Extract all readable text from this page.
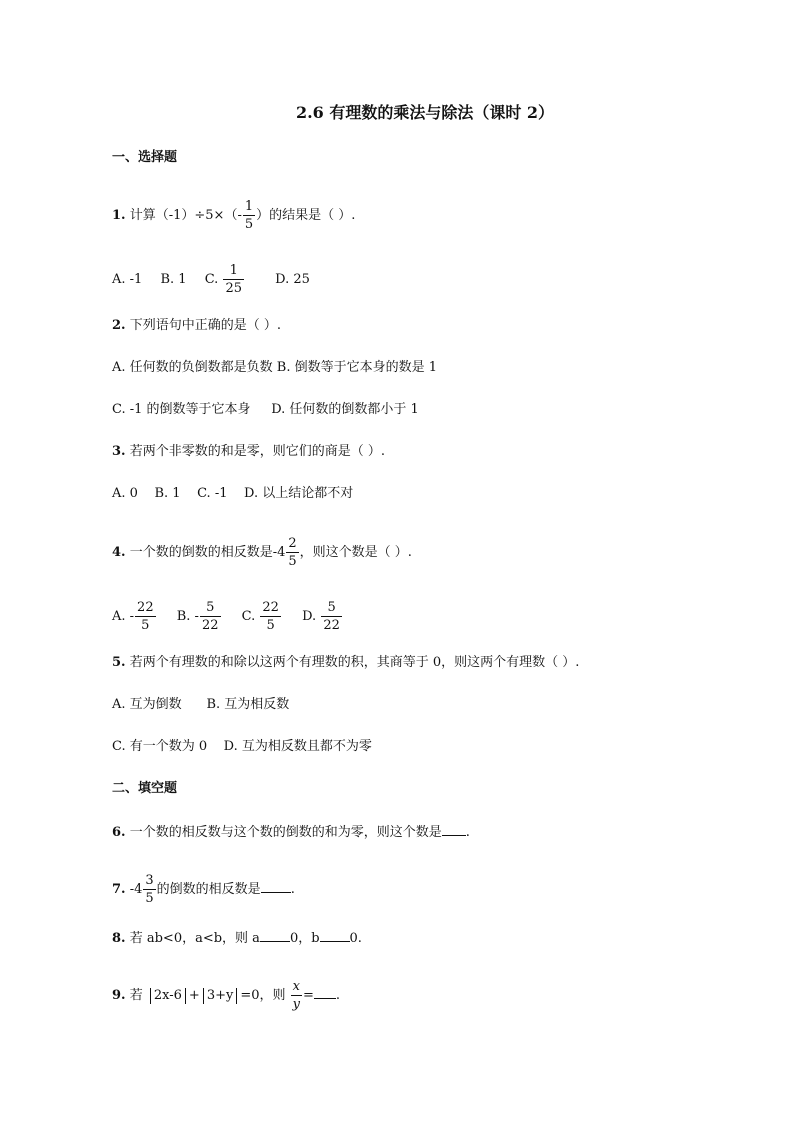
2.6 有理数的乘法与除法（课时 2）
一、选择题
1. 计算$(-1)\div 5\times(- \frac{1}{5}$ ）的结果是（ ）.
A. -1 B. 1 C. $\frac{1}{25} D$. 25
2. 下列语句中正确的是（ ）.
A. 任何数的负倒数都是负数 B. 倒数等于它本身的数是 1
C. -1 的倒数等于它本身     D. 任何数的倒数都小于 1
3. 若两个非零数的和是零，则它们的商是（ ）.
A. 0    B. 1    C. -1    D. 以上结论都不对
4. 一个数的倒数的相反数是$-4 \frac{2}{5}$ ，则这个数是（ ）.
A. - $\frac{22}{5} B$. - $\frac{5}{22} C$. $\frac{22}{5} D$. $\frac{5}{22}$
5. 若两个有理数的和除以这两个有理数的积，其商等于 0，则这两个有理数（ ）.
A. 互为倒数      B. 互为相反数
C. 有一个数为 0    D. 互为相反数且都不为零
二、填空题
6. 一个数的相反数与这个数的倒数的和为零，则这个数是 .
7. $-4 \frac{3}{5}$ 的倒数的相反数是 .
8. 若 ab<0，a<b，则 a 0，b 0.
9. 若 2x-6 + 3+y =0，则 $\frac{x}{y}$ = .
